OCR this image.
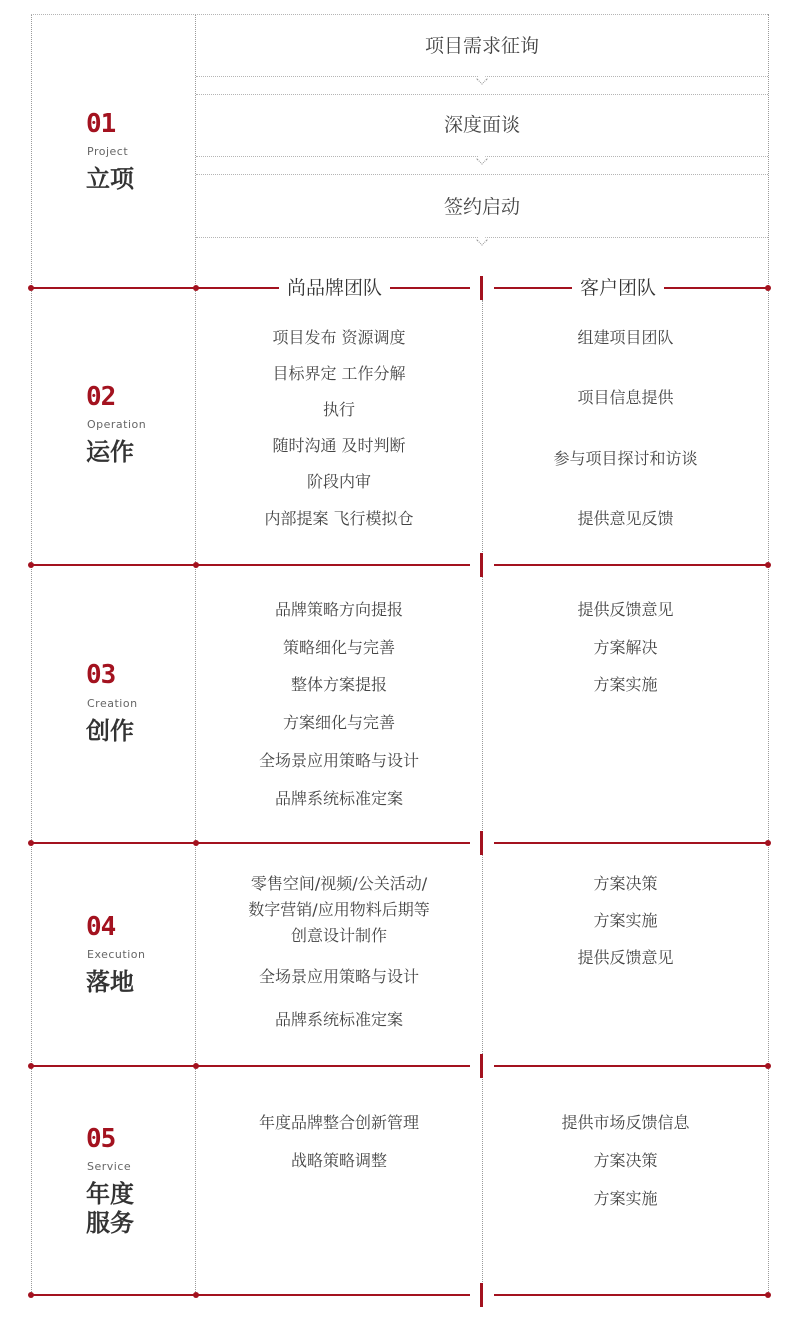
项目需求征询
深度面谈
签约启动
尚品牌团队	客户团队
01
Project
立项
02
Operation
运作
03
Creation
创作
04
Execution
落地
05
Service
年度
服务
项目发布 资源调度
目标界定 工作分解
执行
随时沟通 及时判断
阶段内审
内部提案 飞行模拟仓
组建项目团队
项目信息提供
参与项目探讨和访谈
提供意见反馈
品牌策略方向提报
策略细化与完善
整体方案提报
方案细化与完善
全场景应用策略与设计
品牌系统标准定案
提供反馈意见
方案解决
方案实施
零售空间/视频/公关活动/
数字营销/应用物料后期等
创意设计制作
全场景应用策略与设计
品牌系统标准定案
方案决策
方案实施
提供反馈意见
年度品牌整合创新管理
战略策略调整
提供市场反馈信息
方案决策
方案实施
